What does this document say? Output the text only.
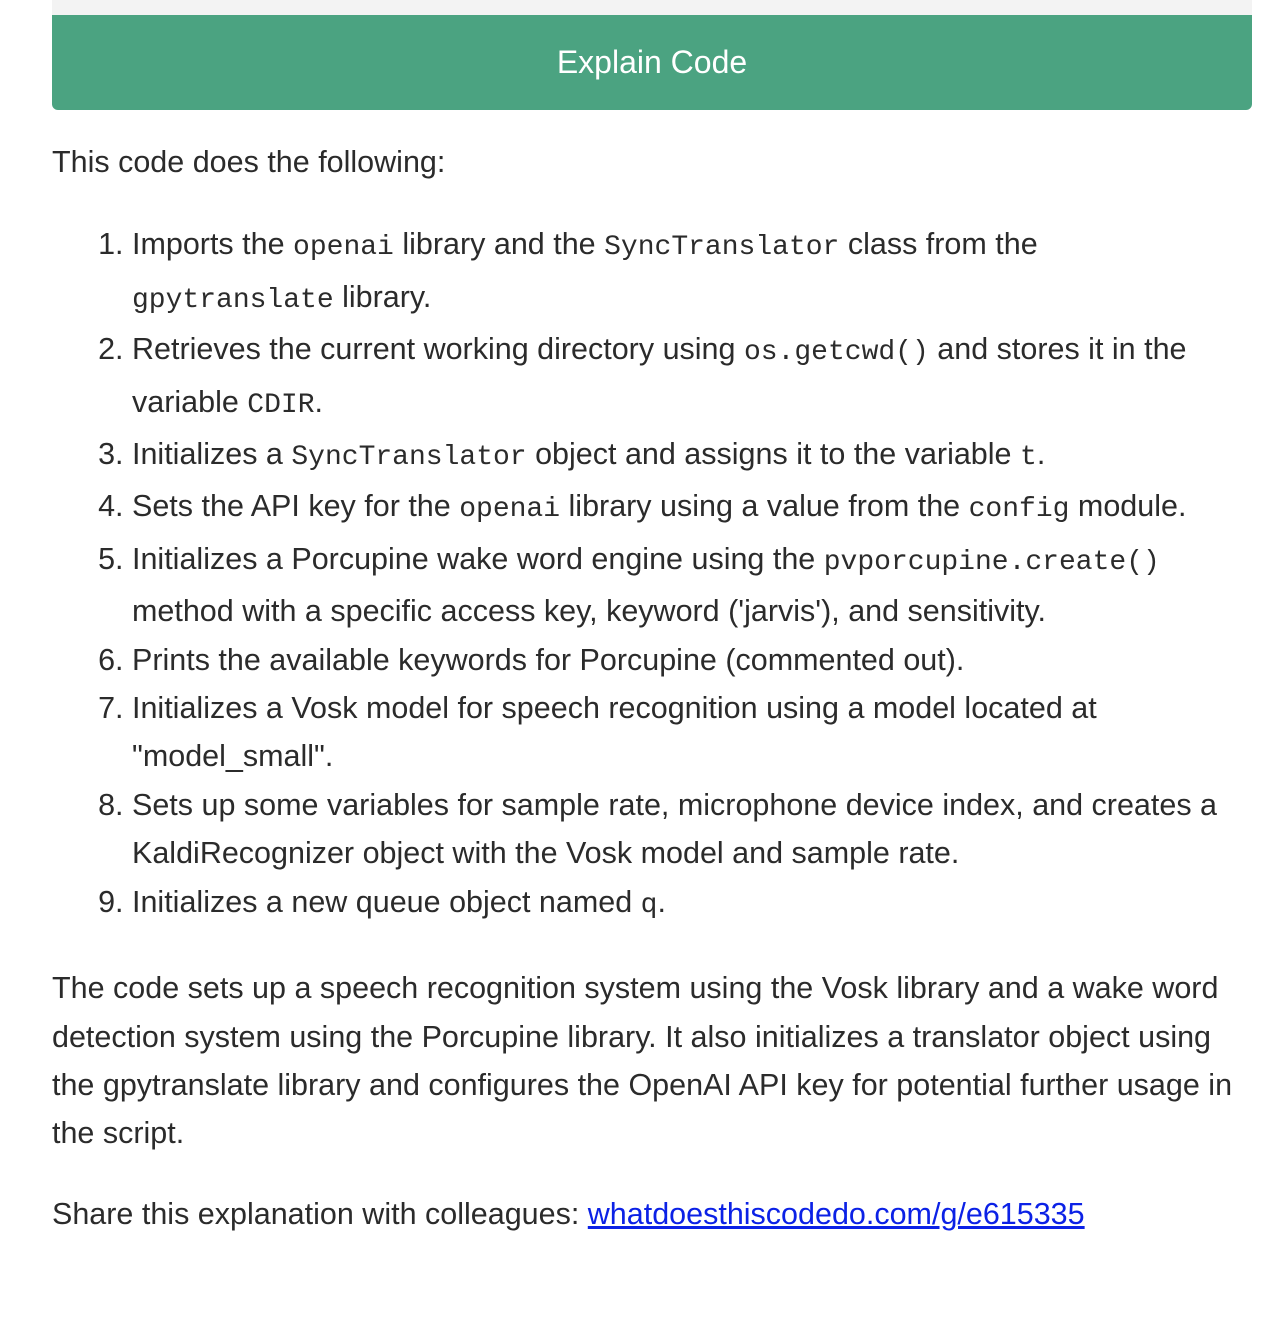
Explain Code

This code does the following:

1. Imports the openai library and the SyncTranslator class from the gpytranslate library.
2. Retrieves the current working directory using os.getcwd() and stores it in the variable CDIR.
3. Initializes a SyncTranslator object and assigns it to the variable t.
4. Sets the API key for the openai library using a value from the config module.
5. Initializes a Porcupine wake word engine using the pvporcupine.create() method with a specific access key, keyword ('jarvis'), and sensitivity.
6. Prints the available keywords for Porcupine (commented out).
7. Initializes a Vosk model for speech recognition using a model located at "model_small".
8. Sets up some variables for sample rate, microphone device index, and creates a KaldiRecognizer object with the Vosk model and sample rate.
9. Initializes a new queue object named q.

The code sets up a speech recognition system using the Vosk library and a wake word detection system using the Porcupine library. It also initializes a translator object using the gpytranslate library and configures the OpenAI API key for potential further usage in the script.

Share this explanation with colleagues: whatdoesthiscodedo.com/g/e615335
